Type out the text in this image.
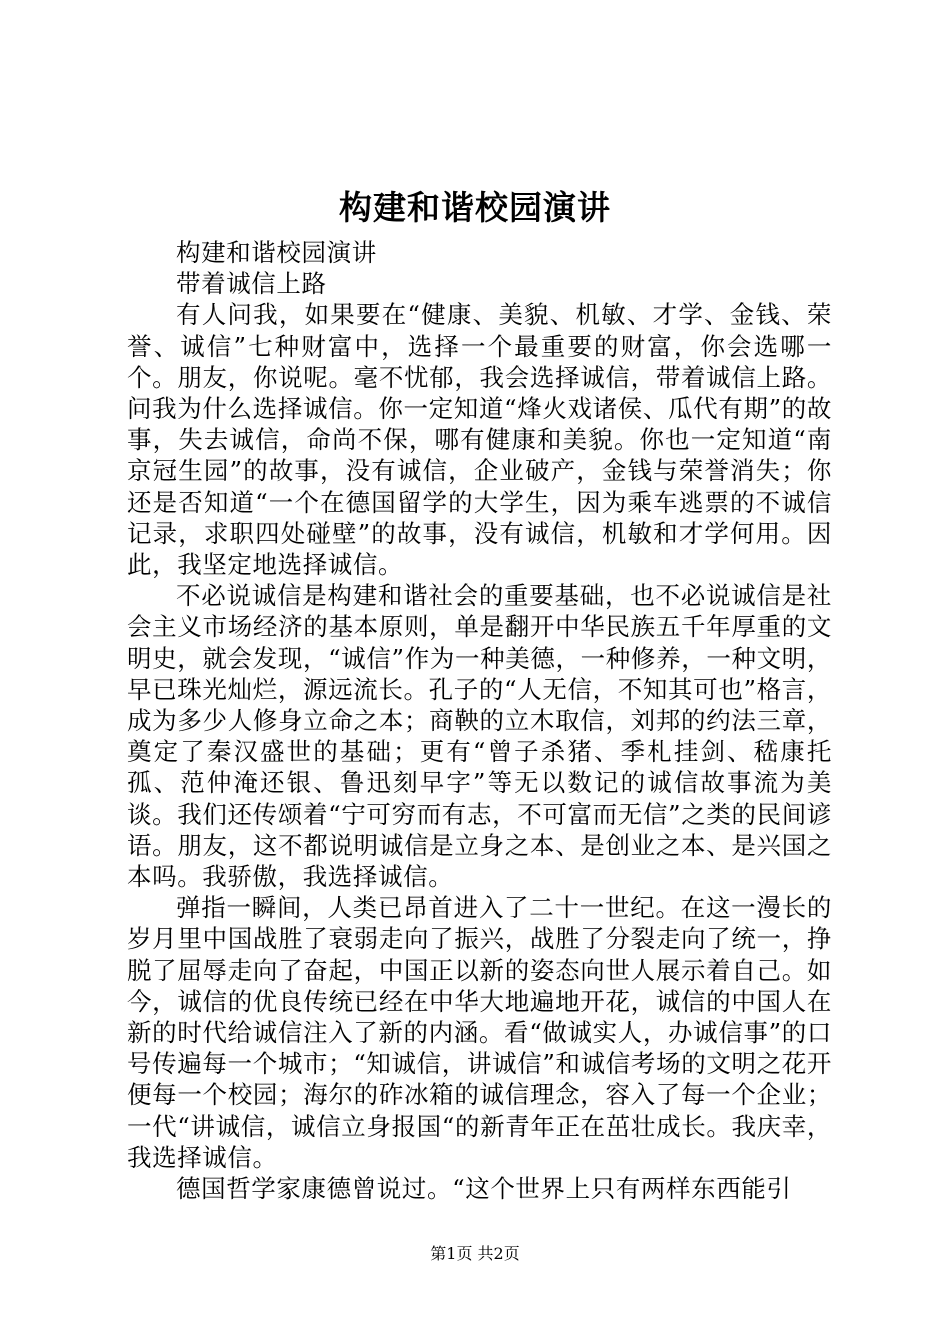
构建和谐校园演讲

构建和谐校园演讲

带着诚信上路

有人问我，如果要在“健康、美貌、机敏、才学、金钱、荣誉、诚信”七种财富中，选择一个最重要的财富，你会选哪一个。朋友，你说呢。毫不忧郁，我会选择诚信，带着诚信上路。问我为什么选择诚信。你一定知道“烽火戏诸侯、瓜代有期”的故事，失去诚信，命尚不保，哪有健康和美貌。你也一定知道“南京冠生园”的故事，没有诚信，企业破产，金钱与荣誉消失；你还是否知道“一个在德国留学的大学生，因为乘车逃票的不诚信记录，求职四处碰壁”的故事，没有诚信，机敏和才学何用。因此，我坚定地选择诚信。

不必说诚信是构建和谐社会的重要基础，也不必说诚信是社会主义市场经济的基本原则，单是翻开中华民族五千年厚重的文明史，就会发现，“诚信”作为一种美德，一种修养，一种文明，早已珠光灿烂，源远流长。孔子的“人无信，不知其可也”格言，成为多少人修身立命之本；商鞅的立木取信，刘邦的约法三章，奠定了秦汉盛世的基础；更有“曾子杀猪、季札挂剑、嵇康托孤、范仲淹还银、鲁迅刻早字”等无以数记的诚信故事流为美谈。我们还传颂着“宁可穷而有志，不可富而无信”之类的民间谚语。朋友，这不都说明诚信是立身之本、是创业之本、是兴国之本吗。我骄傲，我选择诚信。

弹指一瞬间，人类已昂首进入了二十一世纪。在这一漫长的岁月里中国战胜了衰弱走向了振兴，战胜了分裂走向了统一，挣脱了屈辱走向了奋起，中国正以新的姿态向世人展示着自己。如今，诚信的优良传统已经在中华大地遍地开花，诚信的中国人在新的时代给诚信注入了新的内涵。看“做诚实人，办诚信事”的口号传遍每一个城市；“知诚信，讲诚信”和诚信考场的文明之花开便每一个校园；海尔的砟冰箱的诚信理念，容入了每一个企业；一代“讲诚信，诚信立身报国“的新青年正在茁壮成长。我庆幸，我选择诚信。

德国哲学家康德曾说过。“这个世界上只有两样东西能引

第1页 共2页
